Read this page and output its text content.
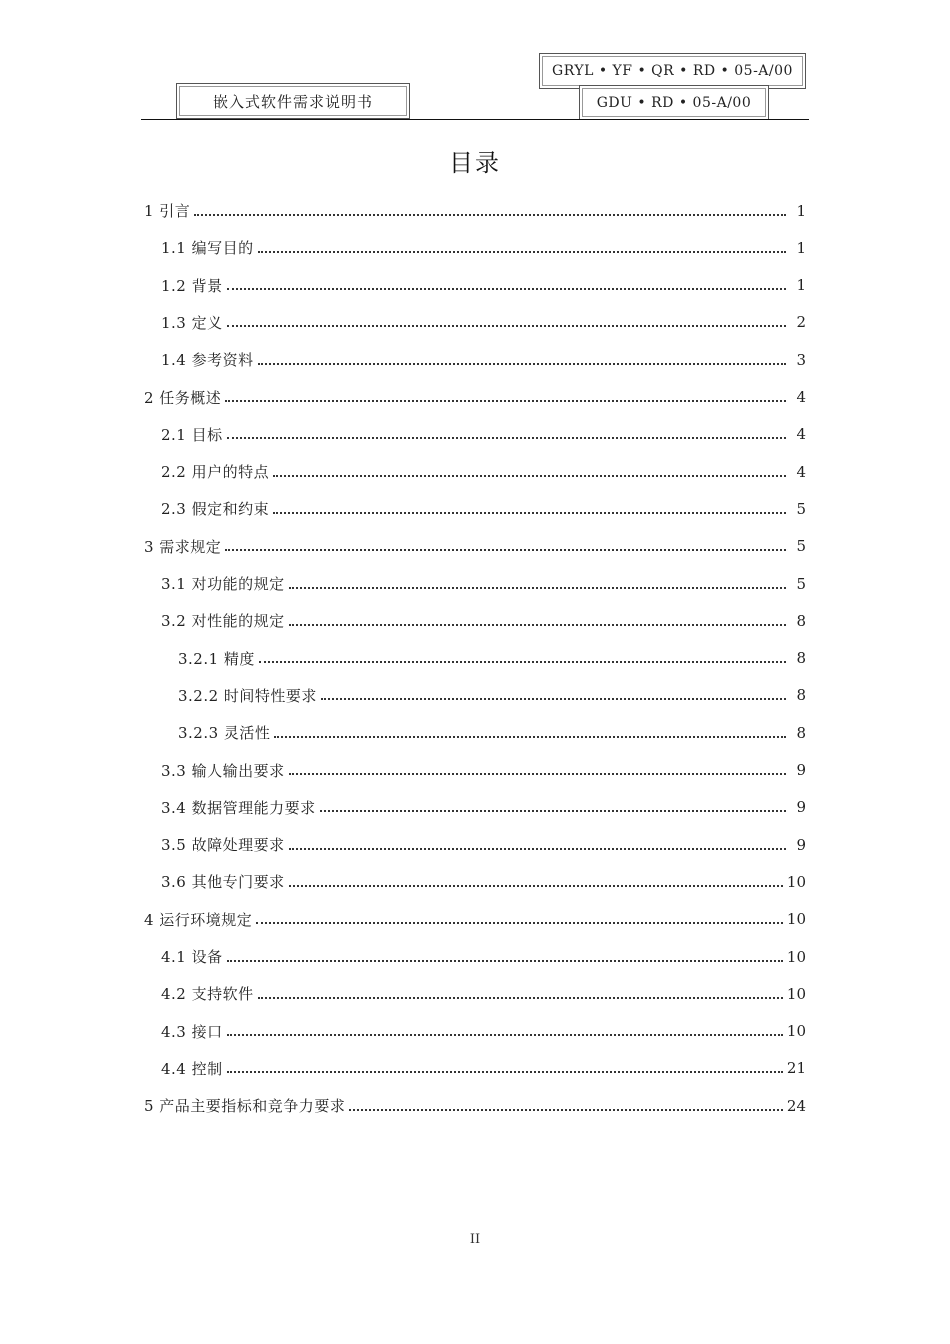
嵌入式软件需求说明书
GRYL • YF • QR • RD • 05-A/00
GDU • RD • 05-A/00
目录
1 引言	1
1.1 编写目的	1
1.2 背景	1
1.3 定义	2
1.4 参考资料	3
2 任务概述	4
2.1 目标	4
2.2 用户的特点	4
2.3 假定和约束	5
3 需求规定	5
3.1 对功能的规定	5
3.2 对性能的规定	8
3.2.1 精度	8
3.2.2 时间特性要求	8
3.2.3 灵活性	8
3.3 输人输出要求	9
3.4 数据管理能力要求	9
3.5 故障处理要求	9
3.6 其他专门要求	10
4 运行环境规定	10
4.1 设备	10
4.2 支持软件	10
4.3 接口	10
4.4 控制	21
5 产品主要指标和竞争力要求	24
II
